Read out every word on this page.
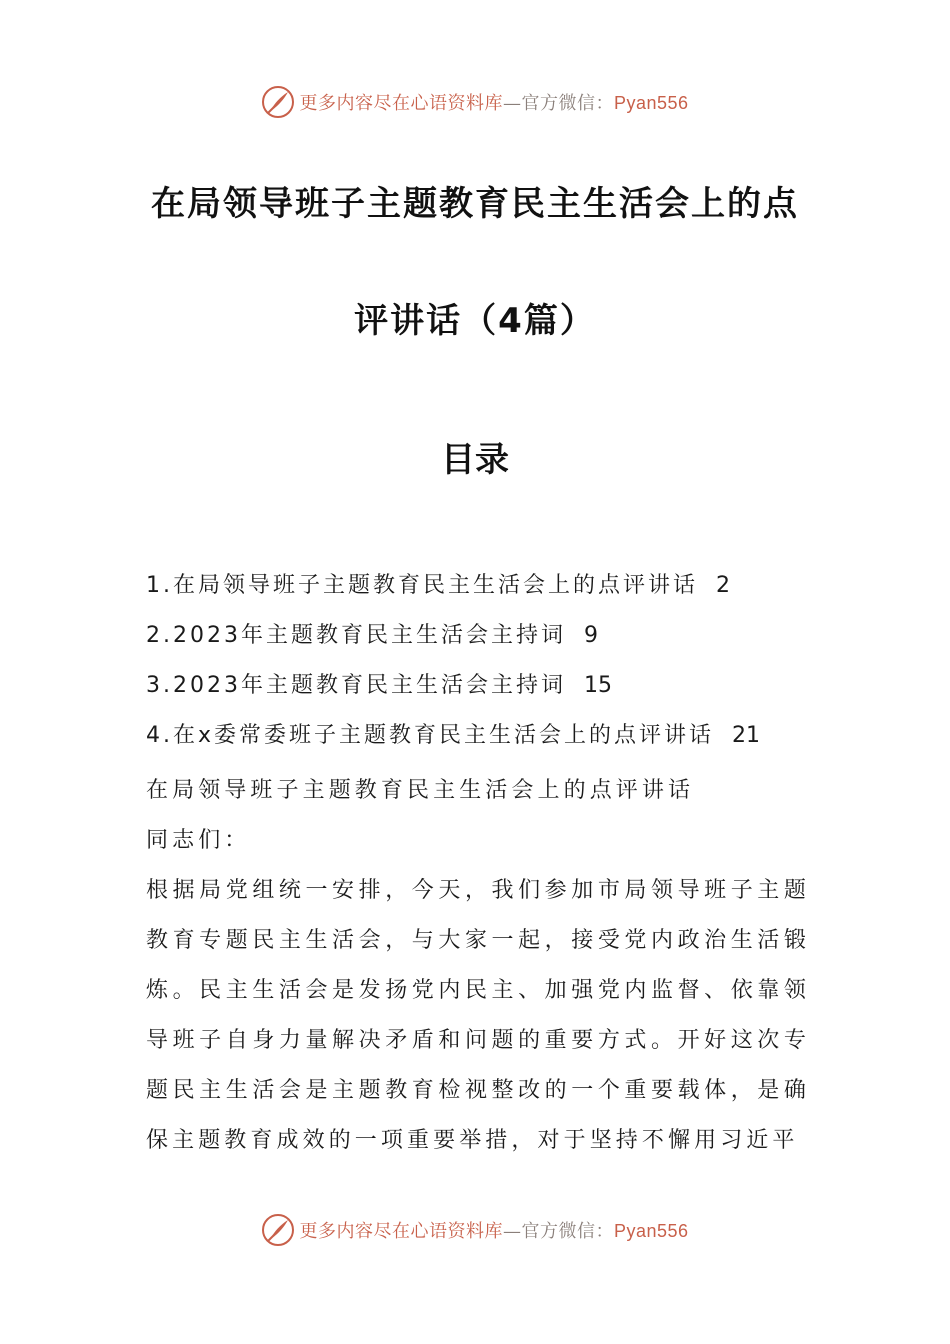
更多内容尽在心语资料库—官方微信：Pyan556
在局领导班子主题教育民主生活会上的点
评讲话（4篇）
目录
1.在局领导班子主题教育民主生活会上的点评讲话 2
2.2023年主题教育民主生活会主持词 9
3.2023年主题教育民主生活会主持词 15
4.在x委常委班子主题教育民主生活会上的点评讲话 21

在局领导班子主题教育民主生活会上的点评讲话

同志们：

根据局党组统一安排，今天，我们参加市局领导班子主题教育专题民主生活会，与大家一起，接受党内政治生活锻炼。民主生活会是发扬党内民主、加强党内监督、依靠领导班子自身力量解决矛盾和问题的重要方式。开好这次专题民主生活会是主题教育检视整改的一个重要载体，是确保主题教育成效的一项重要举措，对于坚持不懈用习近平

更多内容尽在心语资料库—官方微信：Pyan556
